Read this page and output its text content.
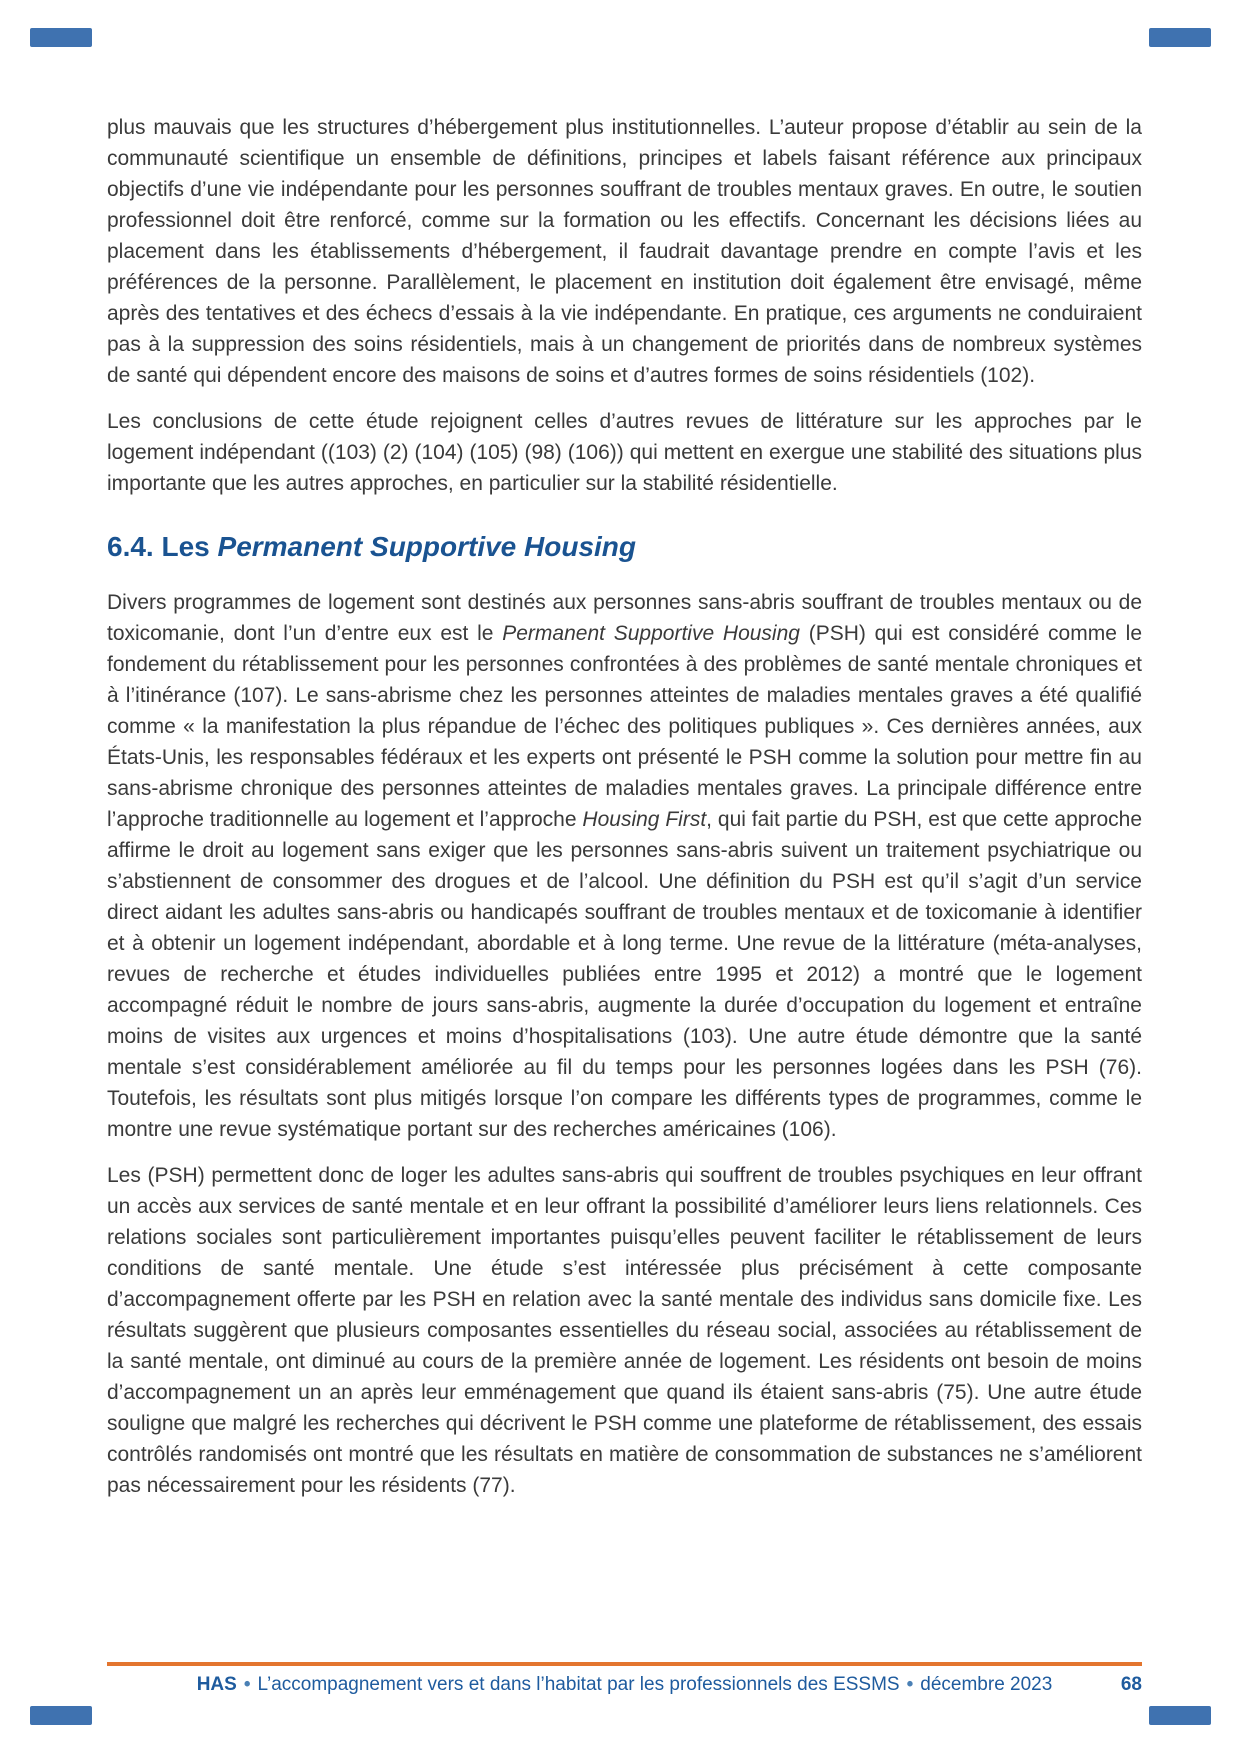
plus mauvais que les structures d’hébergement plus institutionnelles. L’auteur propose d’établir au sein de la communauté scientifique un ensemble de définitions, principes et labels faisant référence aux principaux objectifs d’une vie indépendante pour les personnes souffrant de troubles mentaux graves. En outre, le soutien professionnel doit être renforcé, comme sur la formation ou les effectifs. Concernant les décisions liées au placement dans les établissements d’hébergement, il faudrait davantage prendre en compte l’avis et les préférences de la personne. Parallèlement, le placement en institution doit également être envisagé, même après des tentatives et des échecs d’essais à la vie indépendante. En pratique, ces arguments ne conduiraient pas à la suppression des soins résidentiels, mais à un changement de priorités dans de nombreux systèmes de santé qui dépendent encore des maisons de soins et d’autres formes de soins résidentiels (102).

Les conclusions de cette étude rejoignent celles d’autres revues de littérature sur les approches par le logement indépendant ((103) (2) (104) (105) (98) (106)) qui mettent en exergue une stabilité des situations plus importante que les autres approches, en particulier sur la stabilité résidentielle.

6.4. Les Permanent Supportive Housing

Divers programmes de logement sont destinés aux personnes sans-abris souffrant de troubles mentaux ou de toxicomanie, dont l’un d’entre eux est le Permanent Supportive Housing (PSH) qui est considéré comme le fondement du rétablissement pour les personnes confrontées à des problèmes de santé mentale chroniques et à l’itinérance (107). Le sans-abrisme chez les personnes atteintes de maladies mentales graves a été qualifié comme « la manifestation la plus répandue de l’échec des politiques publiques ». Ces dernières années, aux États-Unis, les responsables fédéraux et les experts ont présenté le PSH comme la solution pour mettre fin au sans-abrisme chronique des personnes atteintes de maladies mentales graves. La principale différence entre l’approche traditionnelle au logement et l’approche Housing First, qui fait partie du PSH, est que cette approche affirme le droit au logement sans exiger que les personnes sans-abris suivent un traitement psychiatrique ou s’abstiennent de consommer des drogues et de l’alcool. Une définition du PSH est qu’il s’agit d’un service direct aidant les adultes sans-abris ou handicapés souffrant de troubles mentaux et de toxicomanie à identifier et à obtenir un logement indépendant, abordable et à long terme. Une revue de la littérature (méta-analyses, revues de recherche et études individuelles publiées entre 1995 et 2012) a montré que le logement accompagné réduit le nombre de jours sans-abris, augmente la durée d’occupation du logement et entraîne moins de visites aux urgences et moins d’hospitalisations (103). Une autre étude démontre que la santé mentale s’est considérablement améliorée au fil du temps pour les personnes logées dans les PSH (76). Toutefois, les résultats sont plus mitigés lorsque l’on compare les différents types de programmes, comme le montre une revue systématique portant sur des recherches américaines (106).

Les (PSH) permettent donc de loger les adultes sans-abris qui souffrent de troubles psychiques en leur offrant un accès aux services de santé mentale et en leur offrant la possibilité d’améliorer leurs liens relationnels. Ces relations sociales sont particulièrement importantes puisqu’elles peuvent faciliter le rétablissement de leurs conditions de santé mentale. Une étude s’est intéressée plus précisément à cette composante d’accompagnement offerte par les PSH en relation avec la santé mentale des individus sans domicile fixe. Les résultats suggèrent que plusieurs composantes essentielles du réseau social, associées au rétablissement de la santé mentale, ont diminué au cours de la première année de logement. Les résidents ont besoin de moins d’accompagnement un an après leur emménagement que quand ils étaient sans-abris (75). Une autre étude souligne que malgré les recherches qui décrivent le PSH comme une plateforme de rétablissement, des essais contrôlés randomisés ont montré que les résultats en matière de consommation de substances ne s’améliorent pas nécessairement pour les résidents (77).

HAS • L’accompagnement vers et dans l’habitat par les professionnels des ESSMS • décembre 2023	68
